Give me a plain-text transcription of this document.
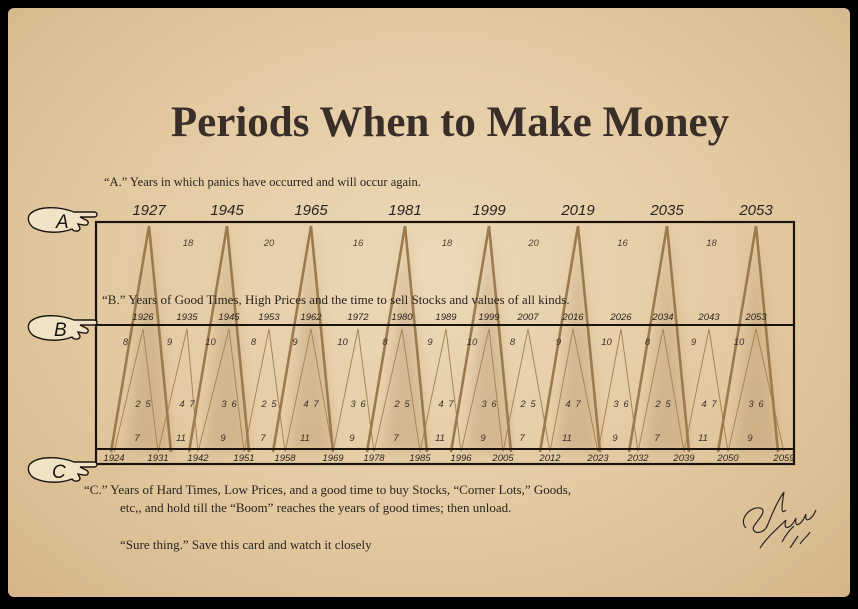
Periods When to Make Money
“A.” Years in which panics have occurred and will occur again.
1927	1945	1965	1981	1999	2019	2035	2053
18	20	16	18	20	16	18
1926 1935 1945 1953 1962	1972 1980 1989 1999 2007	2016	2026 2034	2043	2053
8	9	10	8	9	10	8	9	10	8	9	10	8	9	10
2 5	4 7	3 6	2 5	4 7	3 6	2 5	4 7	3 6 2 5	4 7	3 6	2 5	4 7	3 6
7	11	9	7	11	9	7	11	9	7	11	9	7	11	9
1924 1931 1942	1951 1958	1969 1978	1985 1996 2005	2012	2023 2032	2039 2050	2059
“B.” Years of Good Times, High Prices and the time to sell Stocks and values of all kinds.
A
B
C
“C.” Years of Hard Times, Low Prices, and a good time to buy Stocks, “Corner Lots,” Goods,
etc,, and hold till the “Boom” reaches the years of good times; then unload.
“Sure thing.” Save this card and watch it closely
